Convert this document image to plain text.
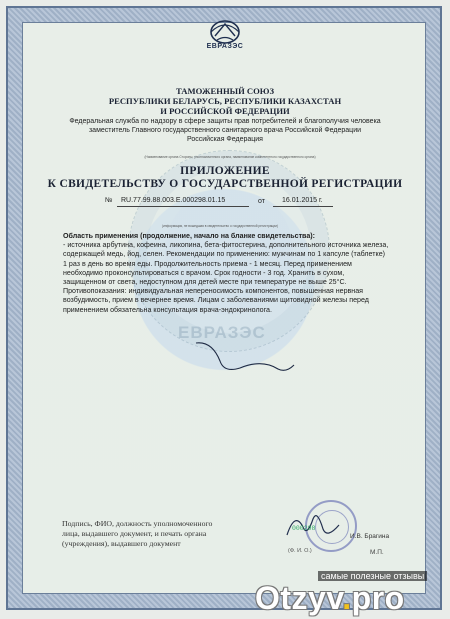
ЕВРАЗЭС
ЕВРАЗЭС
ТАМОЖЕННЫЙ СОЮЗ
РЕСПУБЛИКИ БЕЛАРУСЬ, РЕСПУБЛИКИ КАЗАХСТАН
И РОССИЙСКОЙ ФЕДЕРАЦИИ
Федеральная служба по надзору в сфере защиты прав потребителей и благополучия человека
заместитель Главного государственного санитарного врача Российской Федерации
Российская Федерация
(Наименование органа Стороны, уполномоченного органа, наименование компетентного государственного органа)
ПРИЛОЖЕНИЕ
К СВИДЕТЕЛЬСТВУ О ГОСУДАРСТВЕННОЙ РЕГИСТРАЦИИ
№ RU.77.99.88.003.Е.000298.01.15	от 16.01.2015 г.
(информация, не вошедшая в свидетельство о государственной регистрации)
Область применения (продолжение, начало на бланке свидетельства):
- источника арбутина, кофеина, ликопина, бета-фитостерина, дополнительного источника железа,
содержащей медь, йод, селен. Рекомендации по применению: мужчинам по 1 капсуле (таблетке)
1 раз в день во время еды. Продолжительность приема - 1 месяц. Перед применением
необходимо проконсультироваться с врачом. Срок годности - 3 год. Хранить в сухом,
защищенном от света, недоступном для детей месте при температуре не выше 25°С.
Противопоказания: индивидуальная непереносимость компонентов, повышенная нервная
возбудимость, прием в вечернее время. Лицам с заболеваниями щитовидной железы перед
применением обязательна консультация врача-эндокринолога.
Подпись, ФИО, должность уполномоченного
лица, выдавшего документ, и печать органа
(учреждения), выдавшего документ
000298
И.В. Брагина
(Ф. И. О.)	М.П.
самые полезные отзывы
Otzyv.pro
